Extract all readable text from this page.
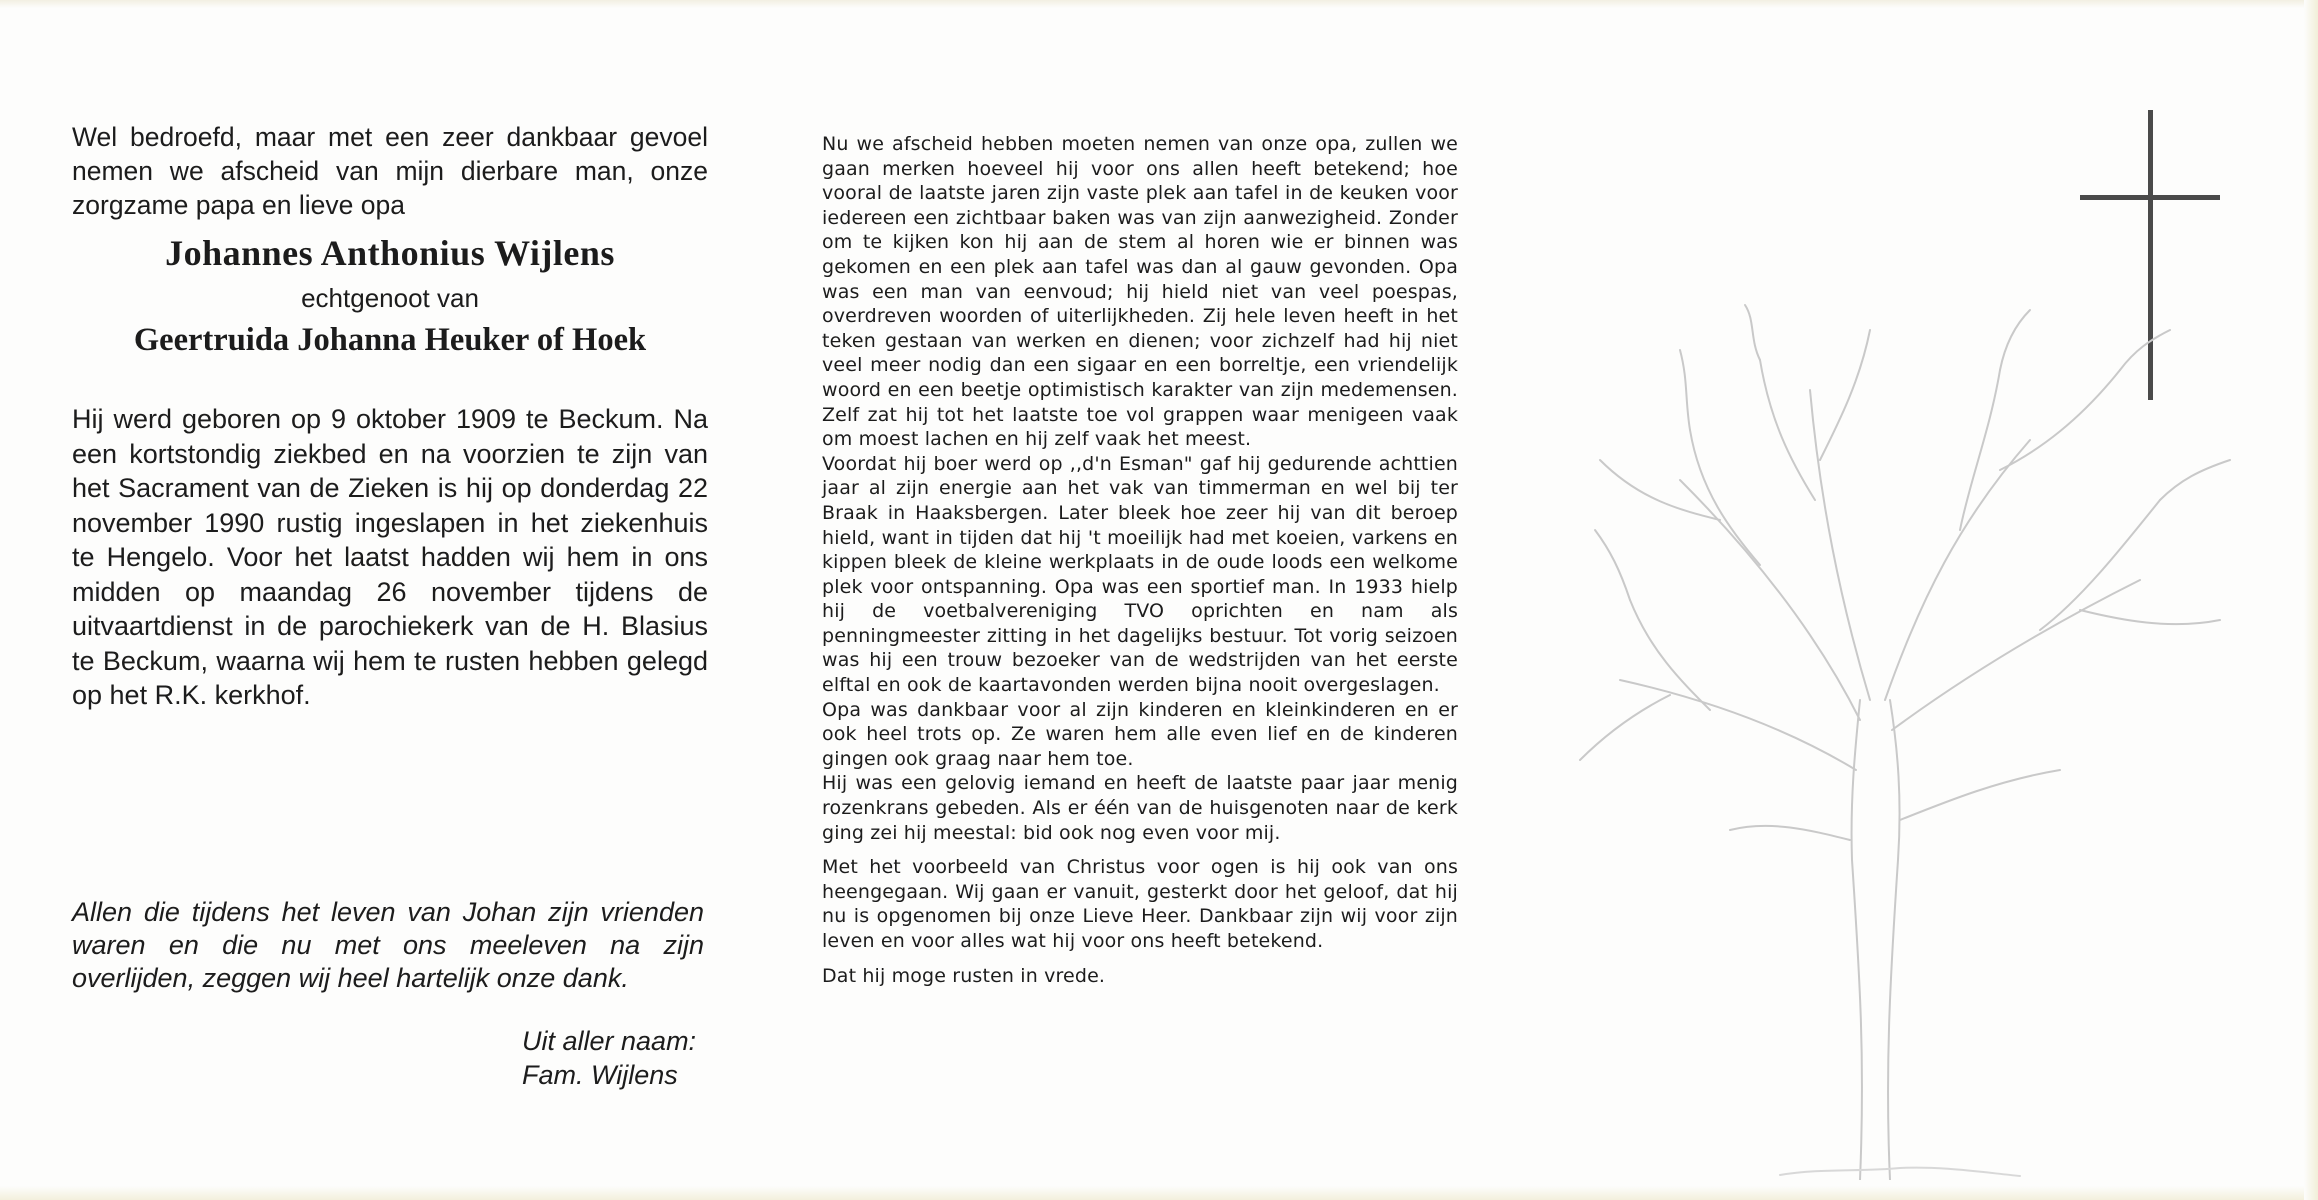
Wel bedroefd, maar met een zeer dankbaar gevoel nemen we afscheid van mijn dierbare man, onze zorgzame papa en lieve opa

Johannes Anthonius Wijlens
echtgenoot van
Geertruida Johanna Heuker of Hoek

Hij werd geboren op 9 oktober 1909 te Beckum. Na een kortstondig ziekbed en na voorzien te zijn van het Sacrament van de Zieken is hij op donderdag 22 november 1990 rustig ingeslapen in het ziekenhuis te Hengelo. Voor het laatst hadden wij hem in ons midden op maandag 26 november tijdens de uitvaartdienst in de parochiekerk van de H. Blasius te Beckum, waarna wij hem te rusten hebben gelegd op het R.K. kerkhof.

Allen die tijdens het leven van Johan zijn vrienden waren en die nu met ons meeleven na zijn overlijden, zeggen wij heel hartelijk onze dank.

Uit aller naam:
Fam. Wijlens

Nu we afscheid hebben moeten nemen van onze opa, zullen we gaan merken hoeveel hij voor ons allen heeft betekend; hoe vooral de laatste jaren zijn vaste plek aan tafel in de keuken voor iedereen een zichtbaar baken was van zijn aanwezigheid. Zonder om te kijken kon hij aan de stem al horen wie er binnen was gekomen en een plek aan tafel was dan al gauw gevonden. Opa was een man van eenvoud; hij hield niet van veel poespas, overdreven woorden of uiterlijkheden. Zij hele leven heeft in het teken gestaan van werken en dienen; voor zichzelf had hij niet veel meer nodig dan een sigaar en een borreltje, een vriendelijk woord en een beetje optimistisch karakter van zijn medemensen. Zelf zat hij tot het laatste toe vol grappen waar menigeen vaak om moest lachen en hij zelf vaak het meest.

Voordat hij boer werd op ,,d'n Esman" gaf hij gedurende achttien jaar al zijn energie aan het vak van timmerman en wel bij ter Braak in Haaksbergen. Later bleek hoe zeer hij van dit beroep hield, want in tijden dat hij 't moeilijk had met koeien, varkens en kippen bleek de kleine werkplaats in de oude loods een welkome plek voor ontspanning. Opa was een sportief man. In 1933 hielp hij de voetbalvereniging TVO oprichten en nam als penningmeester zitting in het dagelijks bestuur. Tot vorig seizoen was hij een trouw bezoeker van de wedstrijden van het eerste elftal en ook de kaartavonden werden bijna nooit overgeslagen.

Opa was dankbaar voor al zijn kinderen en kleinkinderen en er ook heel trots op. Ze waren hem alle even lief en de kinderen gingen ook graag naar hem toe.

Hij was een gelovig iemand en heeft de laatste paar jaar menig rozenkrans gebeden. Als er één van de huisgenoten naar de kerk ging zei hij meestal: bid ook nog even voor mij.

Met het voorbeeld van Christus voor ogen is hij ook van ons heengegaan. Wij gaan er vanuit, gesterkt door het geloof, dat hij nu is opgenomen bij onze Lieve Heer. Dankbaar zijn wij voor zijn leven en voor alles wat hij voor ons heeft betekend.

Dat hij moge rusten in vrede.
